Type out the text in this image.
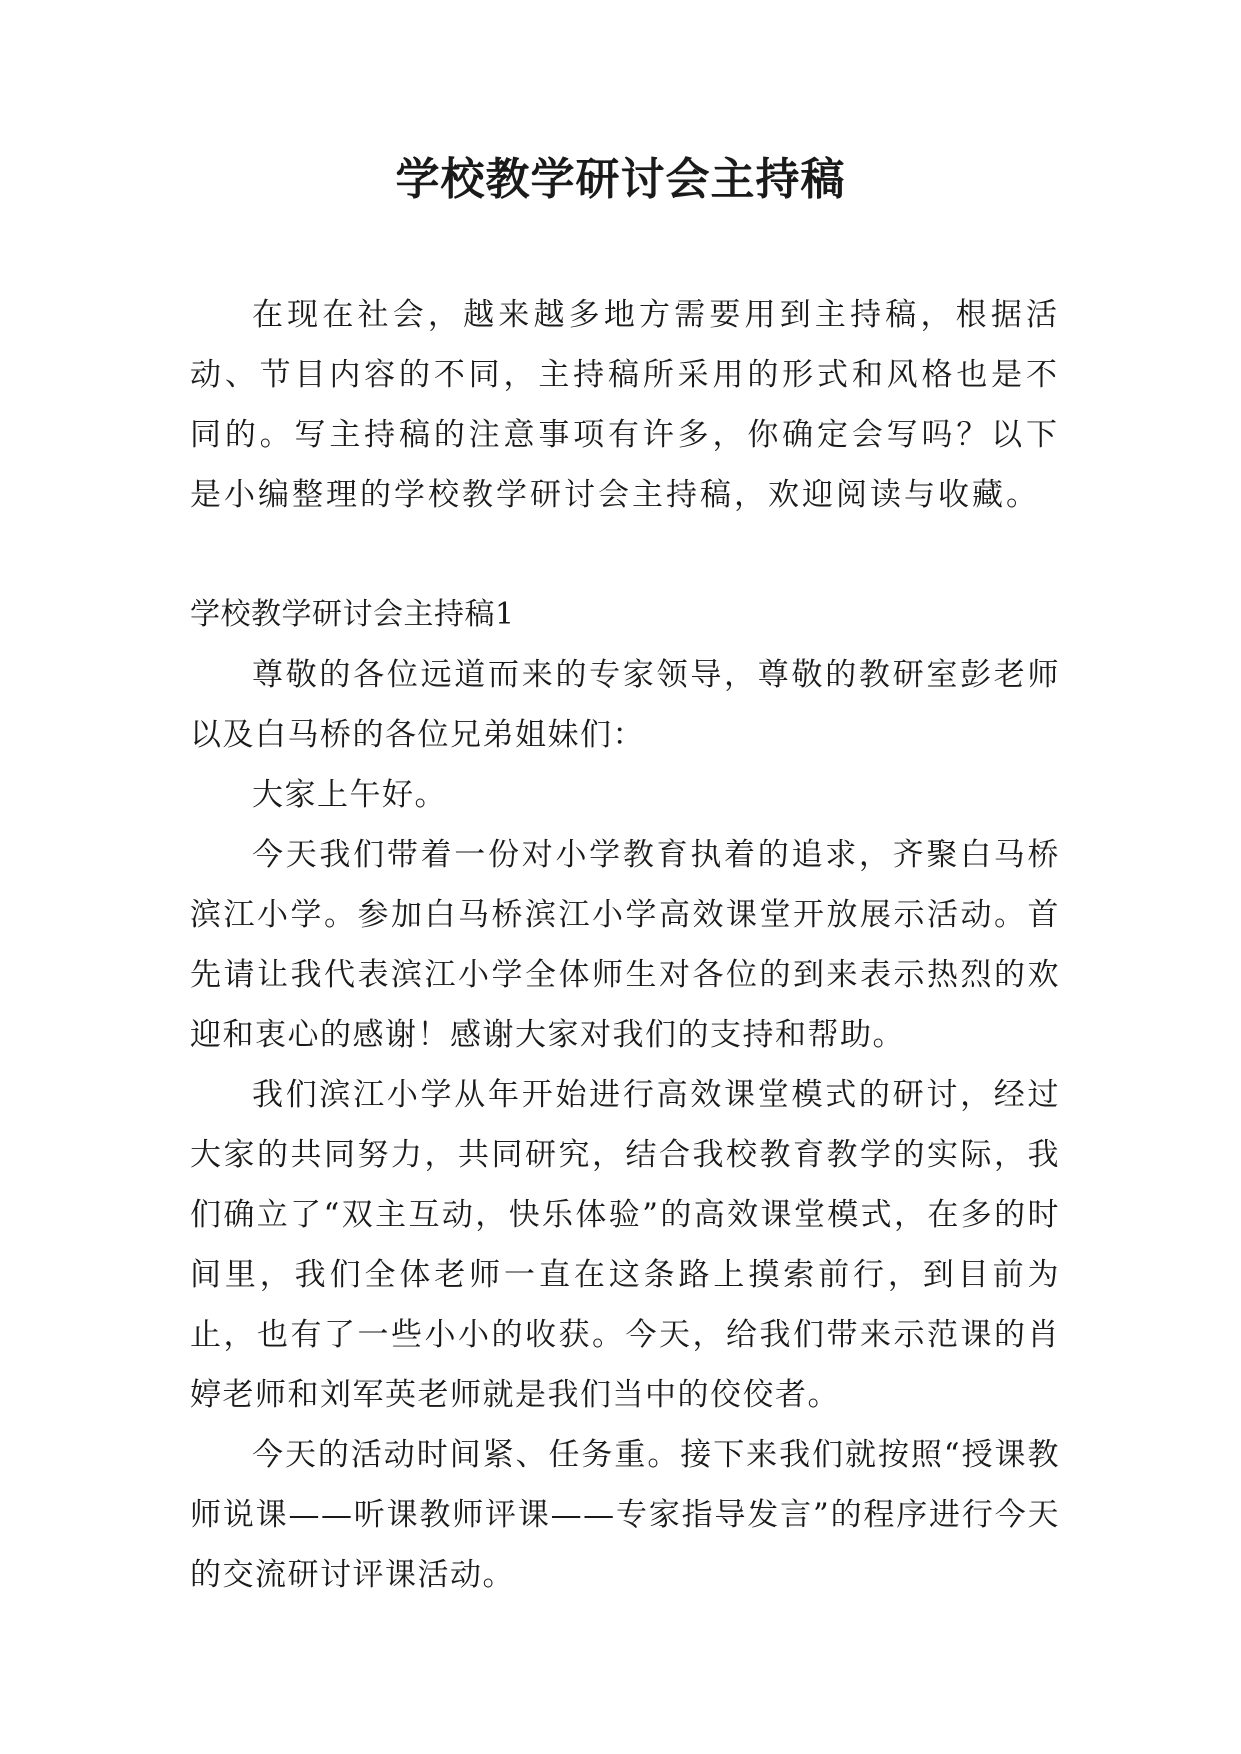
学校教学研讨会主持稿

在现在社会，越来越多地方需要用到主持稿，根据活动、节目内容的不同，主持稿所采用的形式和风格也是不同的。写主持稿的注意事项有许多，你确定会写吗？以下是小编整理的学校教学研讨会主持稿，欢迎阅读与收藏。

学校教学研讨会主持稿1

尊敬的各位远道而来的专家领导，尊敬的教研室彭老师以及白马桥的各位兄弟姐妹们：

大家上午好。

今天我们带着一份对小学教育执着的追求，齐聚白马桥滨江小学。参加白马桥滨江小学高效课堂开放展示活动。首先请让我代表滨江小学全体师生对各位的到来表示热烈的欢迎和衷心的感谢！感谢大家对我们的支持和帮助。

我们滨江小学从年开始进行高效课堂模式的研讨，经过大家的共同努力，共同研究，结合我校教育教学的实际，我们确立了“双主互动，快乐体验”的高效课堂模式，在多的时间里，我们全体老师一直在这条路上摸索前行，到目前为止，也有了一些小小的收获。今天，给我们带来示范课的肖婷老师和刘军英老师就是我们当中的佼佼者。

今天的活动时间紧、任务重。接下来我们就按照“授课教师说课——听课教师评课——专家指导发言”的程序进行今天的交流研讨评课活动。
